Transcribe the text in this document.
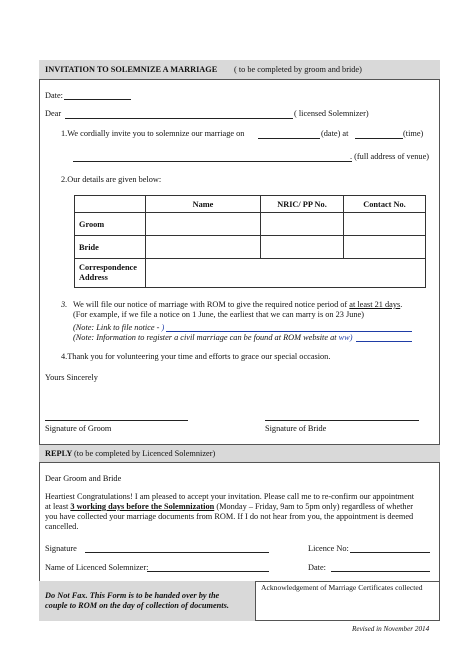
INVITATION TO SOLEMNIZE A MARRIAGE ( to be completed by groom and bride)
Date:
Dear	( licensed Solemnizer)
1.We cordially invite you to solemnize our marriage on	(date) at	(time)
. (full address of venue)
2.Our details are given below:
	Name	NRIC/ PP No.	Contact No.
Groom			
Bride			
Correspondence Address			
3. We will file our notice of marriage with ROM to give the required notice period of at least 21 days.
(For example, if we file a notice on 1 June, the earliest that we can marry is on 23 June)
(Note: Link to file notice - )
(Note: Information to register a civil marriage can be found at ROM website at ww)
4.Thank you for volunteering your time and efforts to grace our special occasion.
Yours Sincerely
Signature of Groom	Signature of Bride
REPLY (to be completed by Licenced Solemnizer)
Dear Groom and Bride
Heartiest Congratulations! I am pleased to accept your invitation. Please call me to re-confirm our appointment
at least 3 working days before the Solemnization (Monday – Friday, 9am to 5pm only) regardless of whether
you have collected your marriage documents from ROM. If I do not hear from you, the appointment is deemed
cancelled.
Signature	Licence No:
Name of Licenced Solemnizer:	Date:
Do Not Fax. This Form is to be handed over by the
couple to ROM on the day of collection of documents.
Acknowledgement of Marriage Certificates collected
Revised in November 2014
